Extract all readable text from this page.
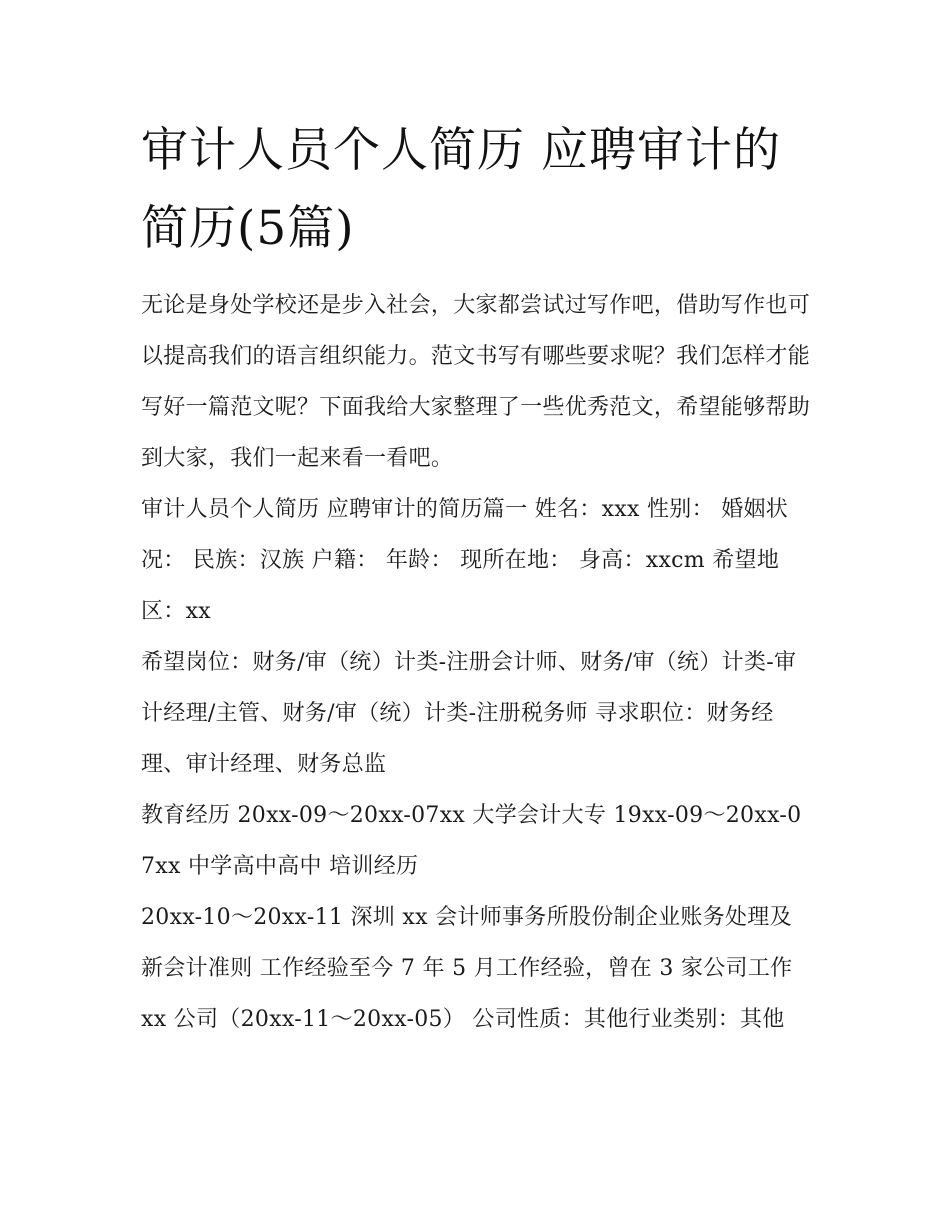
审计人员个人简历 应聘审计的简历(5篇)

无论是身处学校还是步入社会，大家都尝试过写作吧，借助写作也可以提高我们的语言组织能力。范文书写有哪些要求呢？我们怎样才能写好一篇范文呢？下面我给大家整理了一些优秀范文，希望能够帮助到大家，我们一起来看一看吧。

审计人员个人简历 应聘审计的简历篇一 姓名：xxx 性别： 婚姻状况： 民族：汉族 户籍： 年龄： 现所在地： 身高：xxcm 希望地区：xx

希望岗位：财务/审（统）计类-注册会计师、财务/审（统）计类-审计经理/主管、财务/审（统）计类-注册税务师 寻求职位：财务经理、审计经理、财务总监

教育经历 20xx-09～20xx-07xx 大学会计大专 19xx-09～20xx-07xx 中学高中高中 培训经历

20xx-10～20xx-11 深圳 xx 会计师事务所股份制企业账务处理及新会计准则 工作经验至今 7 年 5 月工作经验，曾在 3 家公司工作

xx 公司（20xx-11～20xx-05） 公司性质：其他行业类别：其他
